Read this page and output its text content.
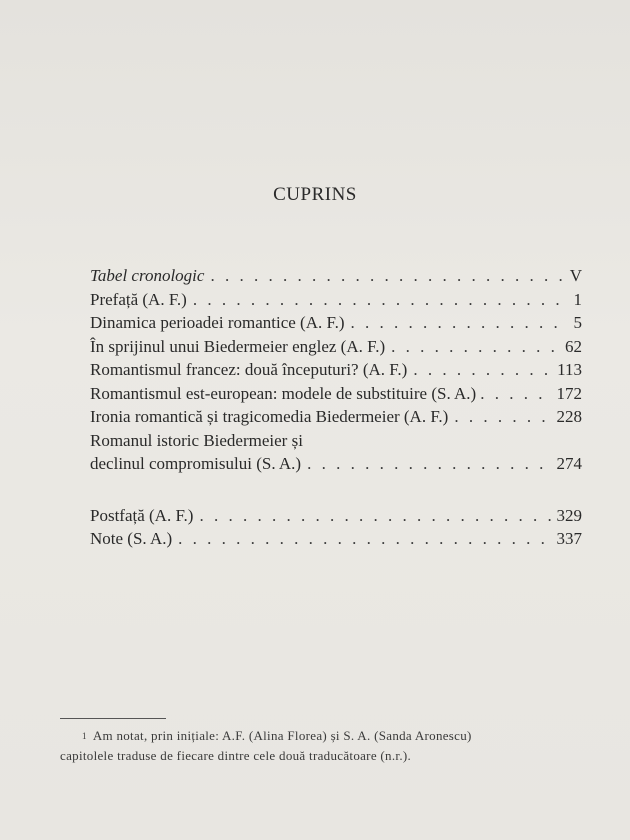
CUPRINS
Tabel cronologic . . .	V
Prefață (A. F.) . . .	1
Dinamica perioadei romantice (A. F.) . . .	5
În sprijinul unui Biedermeier englez (A. F.) . . .	62
Romantismul francez: două începuturi? (A. F.) . . .	113
Romantismul est-european: modele de substituire (S. A.) . . .	172
Ironia romantică și tragicomedia Biedermeier (A. F.) . . .	228
Romanul istoric Biedermeier și
declinul compromisului (S. A.) . . .	274
Postfață (A. F.) . . .	329
Note (S. A.) . . .	337
$^1$ Am notat, prin inițiale: A.F. (Alina Florea) și S. A. (Sanda Aronescu)
capitolele traduse de fiecare dintre cele două traducătoare (n.r.).
